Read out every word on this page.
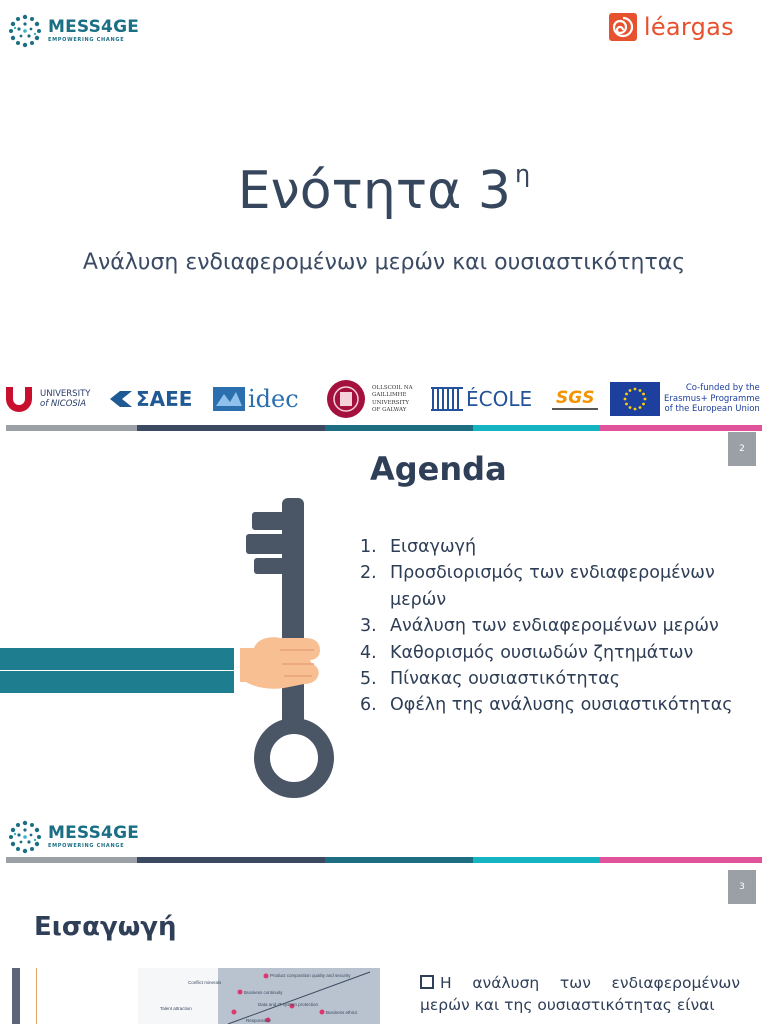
MESS4GE
EMPOWERING CHANGE	léargas
Ενότητα 3 $^\eta$

Ανάλυση ενδιαφερομένων μερών και ουσιαστικότητας

UNIVERSITY
of NICOSIA ΣΑΕΕ idec	OLLSCOIL NA
GAILLIMHE
UNIVERSITY
OF GALWAY	ÉCOLE SGS	Co-funded by the
Erasmus+ Programme
of the European Union
2
Agenda
1. Εισαγωγή
2. Προσδιορισμός των ενδιαφερομένων μερών
3. Ανάλυση των ενδιαφερομένων μερών
4. Καθορισμός ουσιωδών ζητημάτων
5. Πίνακας ουσιαστικότητας
6. Οφέλη της ανάλυσης ουσιαστικότητας
MESS4GE
EMPOWERING CHANGE
3
Εισαγωγή
Conflict minerals
Talent attraction
Business continuity
Data and IT system protection
Business ethics
Product composition quality and security
Responsible

Η ανάλυση των ενδιαφερομένων μερών και της ουσιαστικότητας είναι
